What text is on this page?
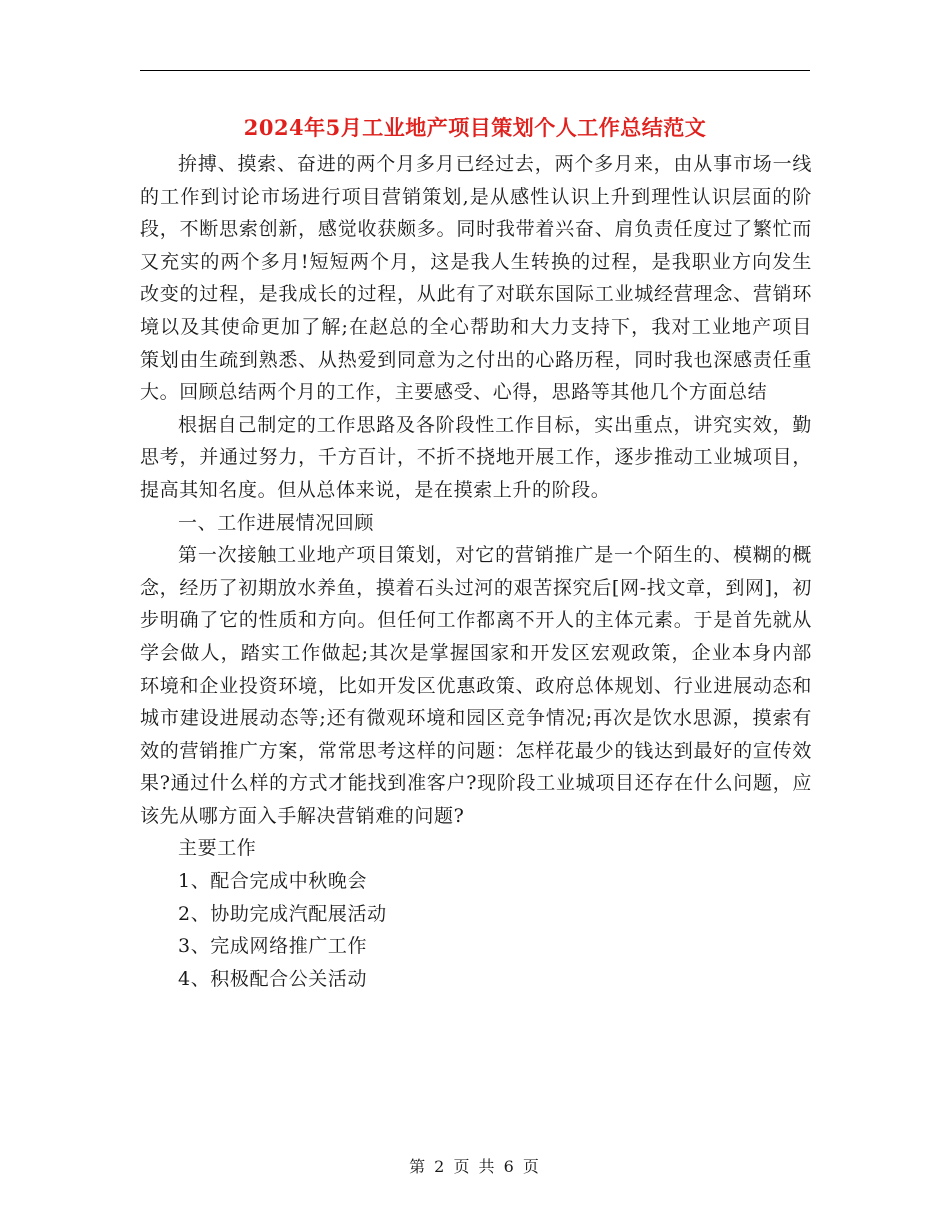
2024年5月工业地产项目策划个人工作总结范文

拚搏、摸索、奋进的两个月多月已经过去，两个多月来，由从事市场一线的工作到讨论市场进行项目营销策划,是从感性认识上升到理性认识层面的阶段，不断思索创新，感觉收获颇多。同时我带着兴奋、肩负责任度过了繁忙而又充实的两个多月!短短两个月，这是我人生转换的过程，是我职业方向发生改变的过程，是我成长的过程，从此有了对联东国际工业城经营理念、营销环境以及其使命更加了解;在赵总的全心帮助和大力支持下，我对工业地产项目策划由生疏到熟悉、从热爱到同意为之付出的心路历程，同时我也深感责任重大。回顾总结两个月的工作，主要感受、心得，思路等其他几个方面总结

根据自己制定的工作思路及各阶段性工作目标，实出重点，讲究实效，勤思考，并通过努力，千方百计，不折不挠地开展工作，逐步推动工业城项目，提高其知名度。但从总体来说，是在摸索上升的阶段。

一、工作进展情况回顾

第一次接触工业地产项目策划，对它的营销推广是一个陌生的、模糊的概念，经历了初期放水养鱼，摸着石头过河的艰苦探究后[网-找文章，到网]，初步明确了它的性质和方向。但任何工作都离不开人的主体元素。于是首先就从学会做人，踏实工作做起;其次是掌握国家和开发区宏观政策，企业本身内部环境和企业投资环境，比如开发区优惠政策、政府总体规划、行业进展动态和城市建设进展动态等;还有微观环境和园区竞争情况;再次是饮水思源，摸索有效的营销推广方案，常常思考这样的问题：怎样花最少的钱达到最好的宣传效果?通过什么样的方式才能找到准客户?现阶段工业城项目还存在什么问题，应该先从哪方面入手解决营销难的问题?

主要工作

1、配合完成中秋晚会

2、协助完成汽配展活动

3、完成网络推广工作

4、积极配合公关活动

第 2 页 共 6 页
